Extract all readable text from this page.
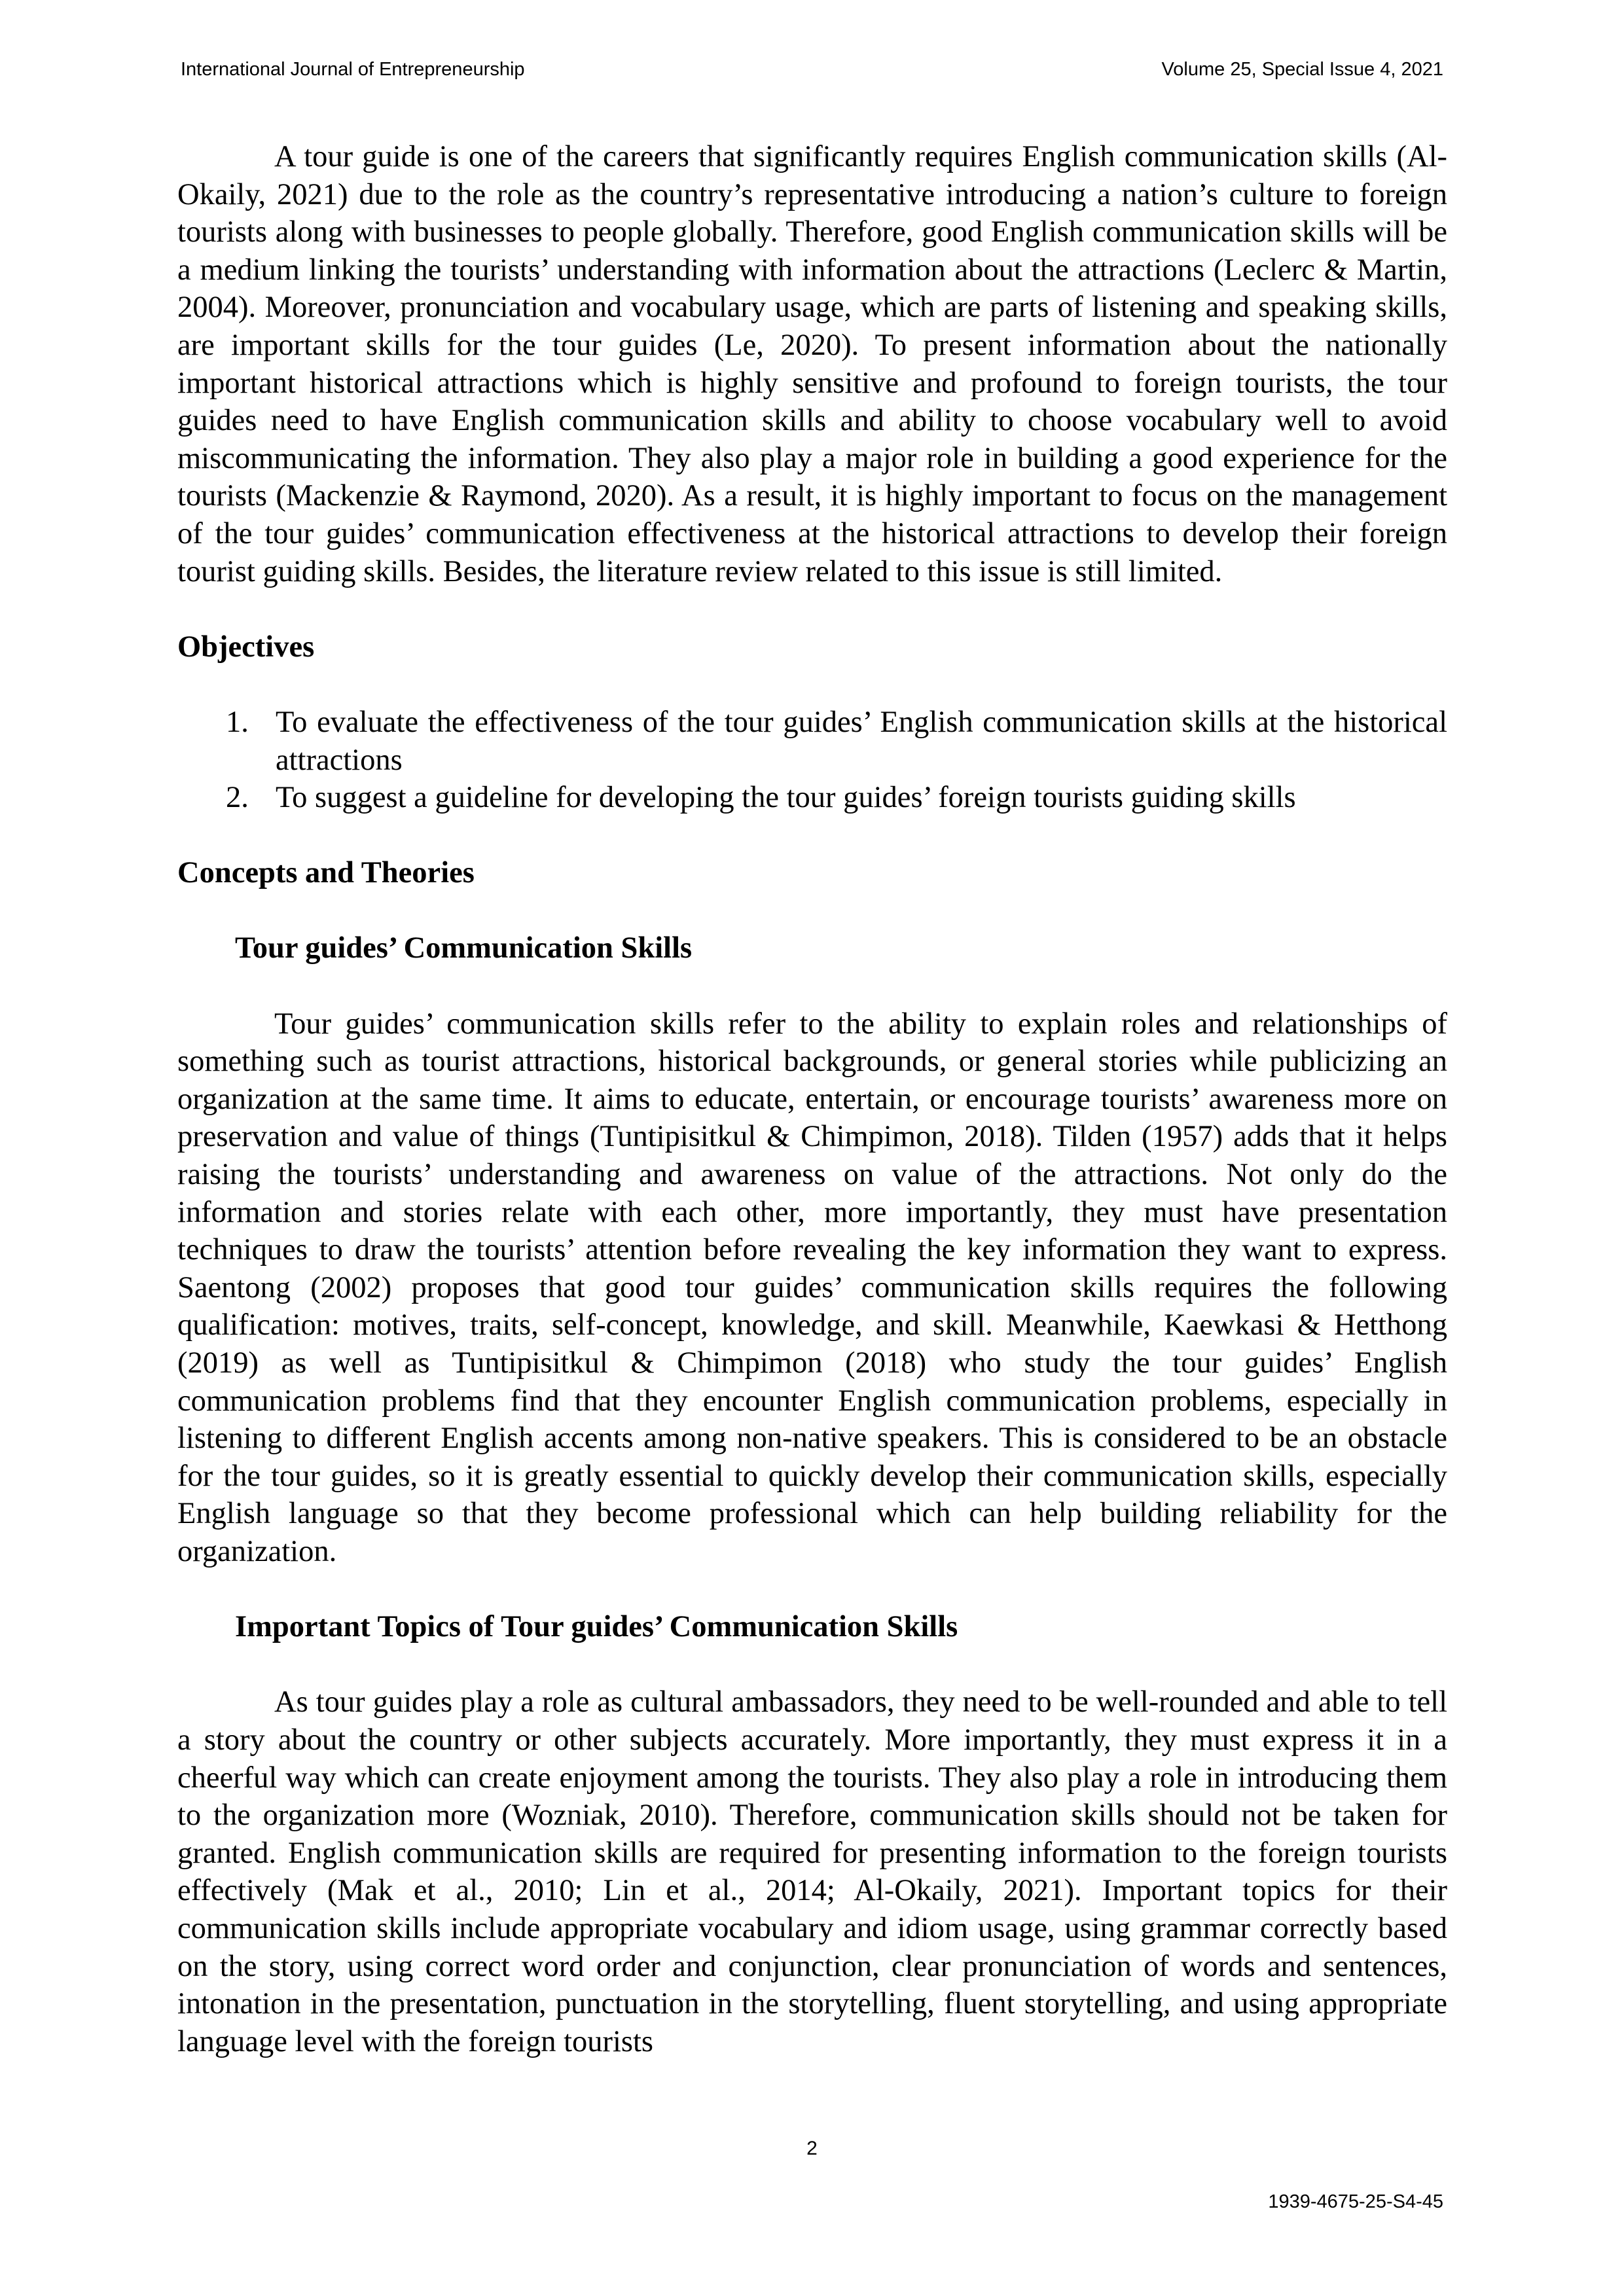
International Journal of Entrepreneurship	Volume 25, Special Issue 4, 2021

A tour guide is one of the careers that significantly requires English communication skills (Al-Okaily, 2021) due to the role as the country’s representative introducing a nation’s culture to foreign tourists along with businesses to people globally. Therefore, good English communication skills will be a medium linking the tourists’ understanding with information about the attractions (Leclerc & Martin, 2004). Moreover, pronunciation and vocabulary usage, which are parts of listening and speaking skills, are important skills for the tour guides (Le, 2020). To present information about the nationally important historical attractions which is highly sensitive and profound to foreign tourists, the tour guides need to have English communication skills and ability to choose vocabulary well to avoid miscommunicating the information. They also play a major role in building a good experience for the tourists (Mackenzie & Raymond, 2020). As a result, it is highly important to focus on the management of the tour guides’ communication effectiveness at the historical attractions to develop their foreign tourist guiding skills. Besides, the literature review related to this issue is still limited.

Objectives
1. To evaluate the effectiveness of the tour guides’ English communication skills at the historical attractions
2. To suggest a guideline for developing the tour guides’ foreign tourists guiding skills
Concepts and Theories
Tour guides’ Communication Skills

Tour guides’ communication skills refer to the ability to explain roles and relationships of something such as tourist attractions, historical backgrounds, or general stories while publicizing an organization at the same time. It aims to educate, entertain, or encourage tourists’ awareness more on preservation and value of things (Tuntipisitkul & Chimpimon, 2018). Tilden (1957) adds that it helps raising the tourists’ understanding and awareness on value of the attractions. Not only do the information and stories relate with each other, more importantly, they must have presentation techniques to draw the tourists’ attention before revealing the key information they want to express. Saentong (2002) proposes that good tour guides’ communication skills requires the following qualification: motives, traits, self-concept, knowledge, and skill. Meanwhile, Kaewkasi & Hetthong (2019) as well as Tuntipisitkul & Chimpimon (2018) who study the tour guides’ English communication problems find that they encounter English communication problems, especially in listening to different English accents among non-native speakers. This is considered to be an obstacle for the tour guides, so it is greatly essential to quickly develop their communication skills, especially English language so that they become professional which can help building reliability for the organization.

Important Topics of Tour guides’ Communication Skills

As tour guides play a role as cultural ambassadors, they need to be well-rounded and able to tell a story about the country or other subjects accurately. More importantly, they must express it in a cheerful way which can create enjoyment among the tourists. They also play a role in introducing them to the organization more (Wozniak, 2010). Therefore, communication skills should not be taken for granted. English communication skills are required for presenting information to the foreign tourists effectively (Mak et al., 2010; Lin et al., 2014; Al-Okaily, 2021). Important topics for their communication skills include appropriate vocabulary and idiom usage, using grammar correctly based on the story, using correct word order and conjunction, clear pronunciation of words and sentences, intonation in the presentation, punctuation in the storytelling, fluent storytelling, and using appropriate language level with the foreign tourists

2
1939-4675-25-S4-45
